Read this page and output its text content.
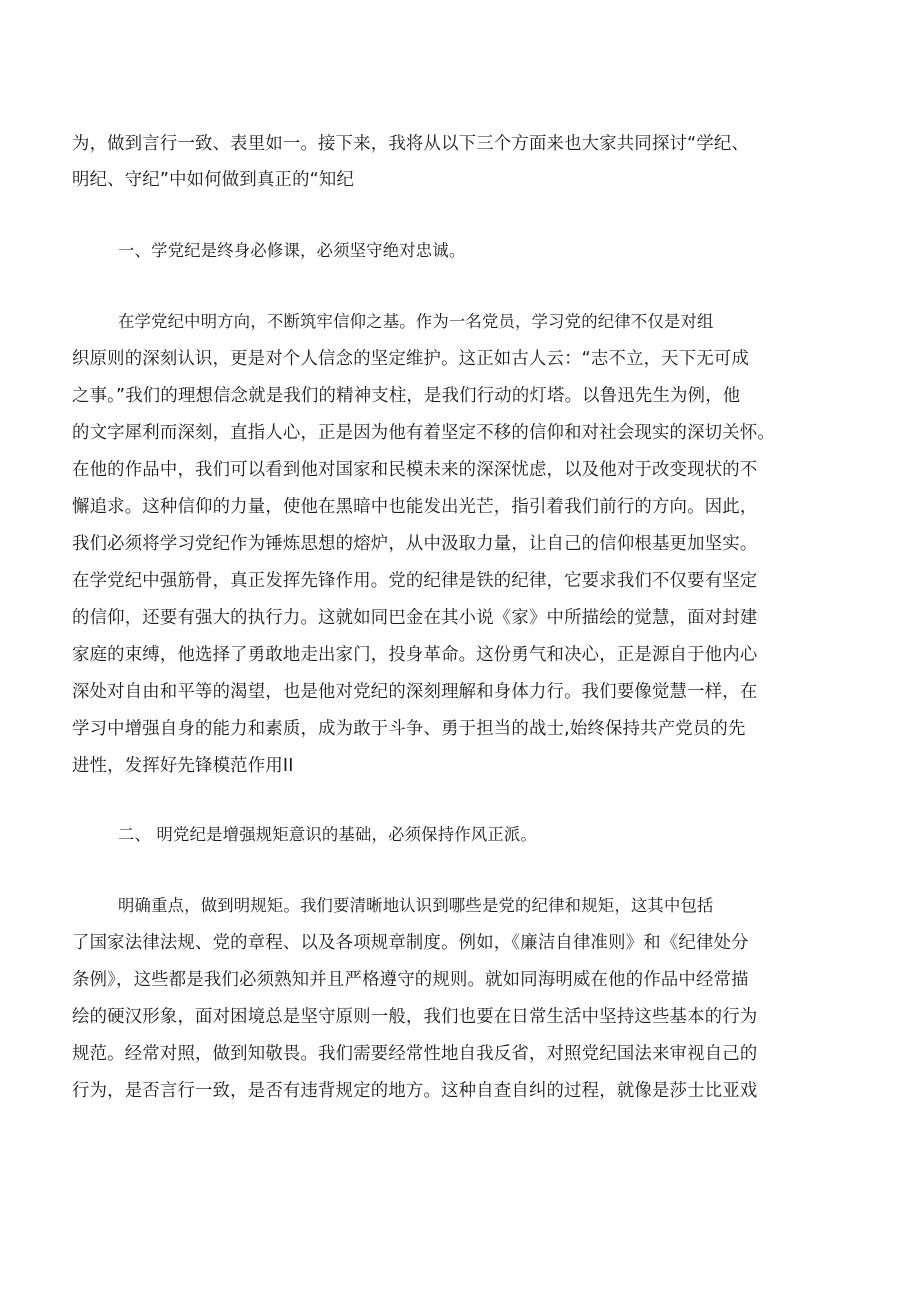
为，做到言行一致、表里如一。接下来，我将从以下三个方面来也大家共同探讨“学纪、
明纪、守纪”中如何做到真正的“知纪
一、学党纪是终身必修课，必须坚守绝对忠诚。
在学党纪中明方向，不断筑牢信仰之基。作为一名党员，学习党的纪律不仅是对组
织原则的深刻认识，更是对个人信念的坚定维护。这正如古人云：“志不立，天下无可成
之事。”我们的理想信念就是我们的精神支柱，是我们行动的灯塔。以鲁迅先生为例，他
的文字犀利而深刻，直指人心，正是因为他有着坚定不移的信仰和对社会现实的深切关怀。
在他的作品中，我们可以看到他对国家和民模未来的深深忧虑，以及他对于改变现状的不
懈追求。这种信仰的力量，使他在黑暗中也能发出光芒，指引着我们前行的方向。因此，
我们必须将学习党纪作为锤炼思想的熔炉，从中汲取力量，让自己的信仰根基更加坚实。
在学党纪中强筋骨，真正发挥先锋作用。党的纪律是铁的纪律，它要求我们不仅要有坚定
的信仰，还要有强大的执行力。这就如同巴金在其小说《家》中所描绘的觉慧，面对封建
家庭的束缚，他选择了勇敢地走出家门，投身革命。这份勇气和决心，正是源自于他内心
深处对自由和平等的渴望，也是他对党纪的深刻理解和身体力行。我们要像觉慧一样，在
学习中增强自身的能力和素质，成为敢于斗争、勇于担当的战士,始终保持共产党员的先
进性，发挥好先锋模范作用II
二、 明党纪是增强规矩意识的基础，必须保持作风正派。
明确重点，做到明规矩。我们要清晰地认识到哪些是党的纪律和规矩，这其中包括
了国家法律法规、党的章程、以及各项规章制度。例如，《廉洁自律准则》和《纪律处分
条例》，这些都是我们必须熟知并且严格遵守的规则。就如同海明威在他的作品中经常描
绘的硬汉形象，面对困境总是坚守原则一般，我们也要在日常生活中坚持这些基本的行为
规范。经常对照，做到知敬畏。我们需要经常性地自我反省，对照党纪国法来审视自己的
行为，是否言行一致，是否有违背规定的地方。这种自查自纠的过程，就像是莎士比亚戏
